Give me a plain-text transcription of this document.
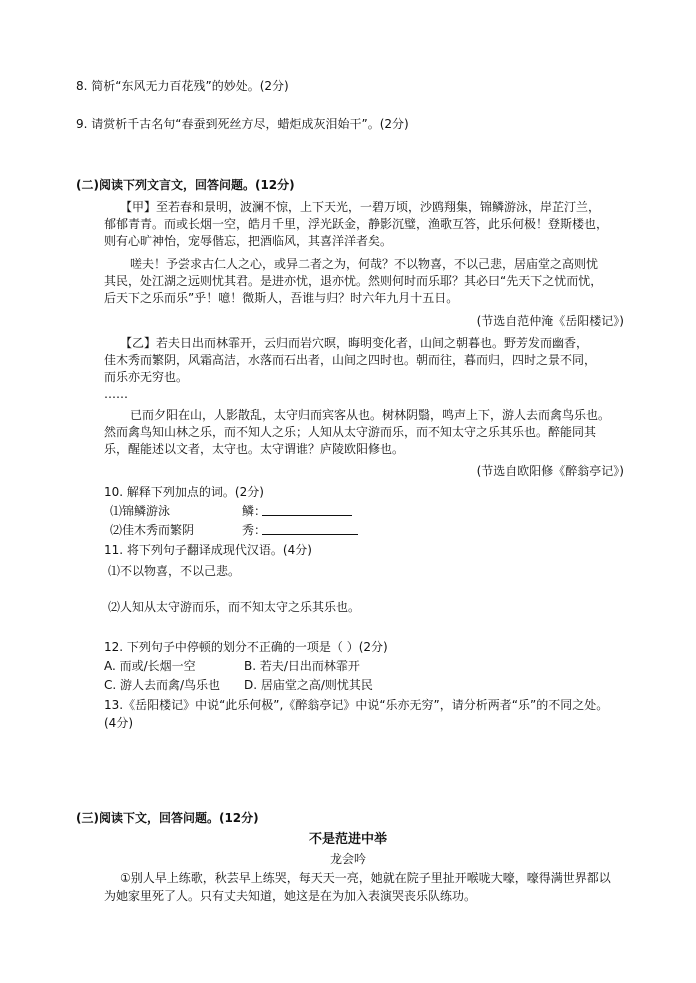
8. 简析“东风无力百花残”的妙处。(2分)
9. 请赏析千古名句“春蚕到死丝方尽，蜡炬成灰泪始干”。(2分)
(二)阅读下列文言文，回答问题。(12分)
【甲】至若春和景明，波澜不惊，上下天光，一碧万顷，沙鸥翔集，锦鳞游泳，岸芷汀兰，
郁郁青青。而或长烟一空，皓月千里，浮光跃金，静影沉璧，渔歌互答，此乐何极！登斯楼也，
则有心旷神怡，宠辱偕忘，把酒临风，其喜洋洋者矣。
嗟夫！予尝求古仁人之心，或异二者之为，何哉？不以物喜，不以己悲，居庙堂之高则忧
其民，处江湖之远则忧其君。是进亦忧，退亦忧。然则何时而乐耶？其必曰“先天下之忧而忧，
后天下之乐而乐”乎！噫！微斯人，吾谁与归？时六年九月十五日。
(节选自范仲淹《岳阳楼记》)
【乙】若夫日出而林霏开，云归而岩穴暝，晦明变化者，山间之朝暮也。野芳发而幽香，
佳木秀而繁阴，风霜高洁，水落而石出者，山间之四时也。朝而往，暮而归，四时之景不同，
而乐亦无穷也。
……
已而夕阳在山，人影散乱，太守归而宾客从也。树林阴翳，鸣声上下，游人去而禽鸟乐也。
然而禽鸟知山林之乐，而不知人之乐；人知从太守游而乐，而不知太守之乐其乐也。醉能同其
乐，醒能述以文者，太守也。太守谓谁？庐陵欧阳修也。
(节选自欧阳修《醉翁亭记》)
10. 解释下列加点的词。(2分)
⑴锦鳞游泳	鳞：
⑵佳木秀而繁阴	秀：
11. 将下列句子翻译成现代汉语。(4分)
⑴不以物喜，不以己悲。
⑵人知从太守游而乐，而不知太守之乐其乐也。
12. 下列句子中停顿的划分不正确的一项是（ ）(2分)
A. 而或/长烟一空	B. 若夫/日出而林霏开
C. 游人去而禽/鸟乐也 D. 居庙堂之高/则忧其民
13.《岳阳楼记》中说“此乐何极”,《醉翁亭记》中说“乐亦无穷”，请分析两者“乐”的不同之处。
(4分)
(三)阅读下文，回答问题。(12分)
不是范进中举
龙会吟
①别人早上练歌，秋芸早上练哭，每天天一亮，她就在院子里扯开喉咙大嚎，嚎得满世界都以
为她家里死了人。只有丈夫知道，她这是在为加入表演哭丧乐队练功。
